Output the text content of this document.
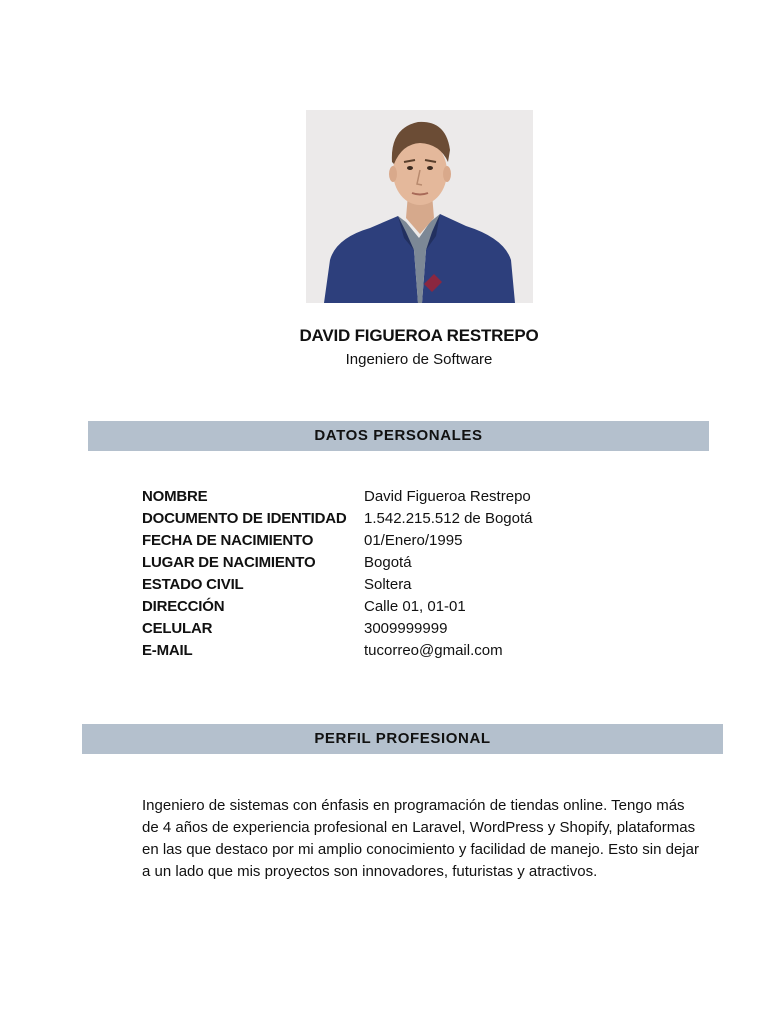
DAVID FIGUEROA RESTREPO
Ingeniero de Software
DATOS PERSONALES
NOMBRE	David Figueroa Restrepo
DOCUMENTO DE IDENTIDAD	1.542.215.512 de Bogotá
FECHA DE NACIMIENTO	01/Enero/1995
LUGAR DE NACIMIENTO	Bogotá
ESTADO CIVIL	Soltera
DIRECCIÓN	Calle 01, 01-01
CELULAR	3009999999
E-MAIL	tucorreo@gmail.com
PERFIL PROFESIONAL

Ingeniero de sistemas con énfasis en programación de tiendas online. Tengo más de 4 años de experiencia profesional en Laravel, WordPress y Shopify, plataformas en las que destaco por mi amplio conocimiento y facilidad de manejo. Esto sin dejar a un lado que mis proyectos son innovadores, futuristas y atractivos.
